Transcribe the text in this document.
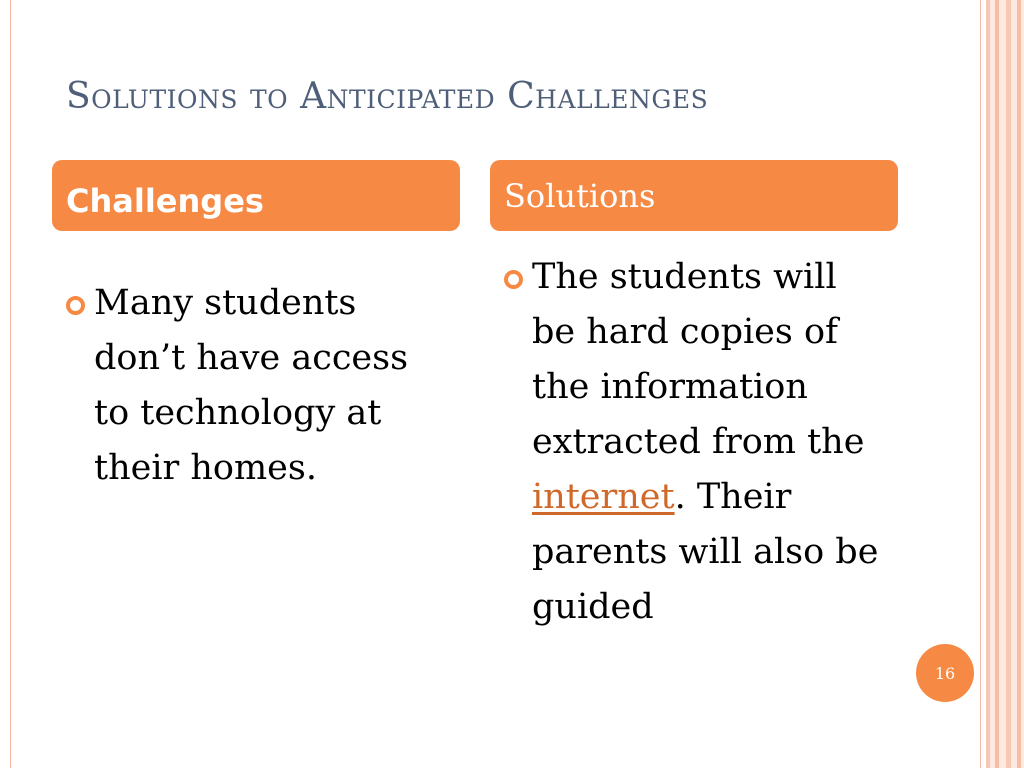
Solutions to Anticipated Challenges
Challenges	Solutions
Many students don’t have access to technology at their homes.
The students will be hard copies of the information extracted from the internet. Their parents will also be guided
16
